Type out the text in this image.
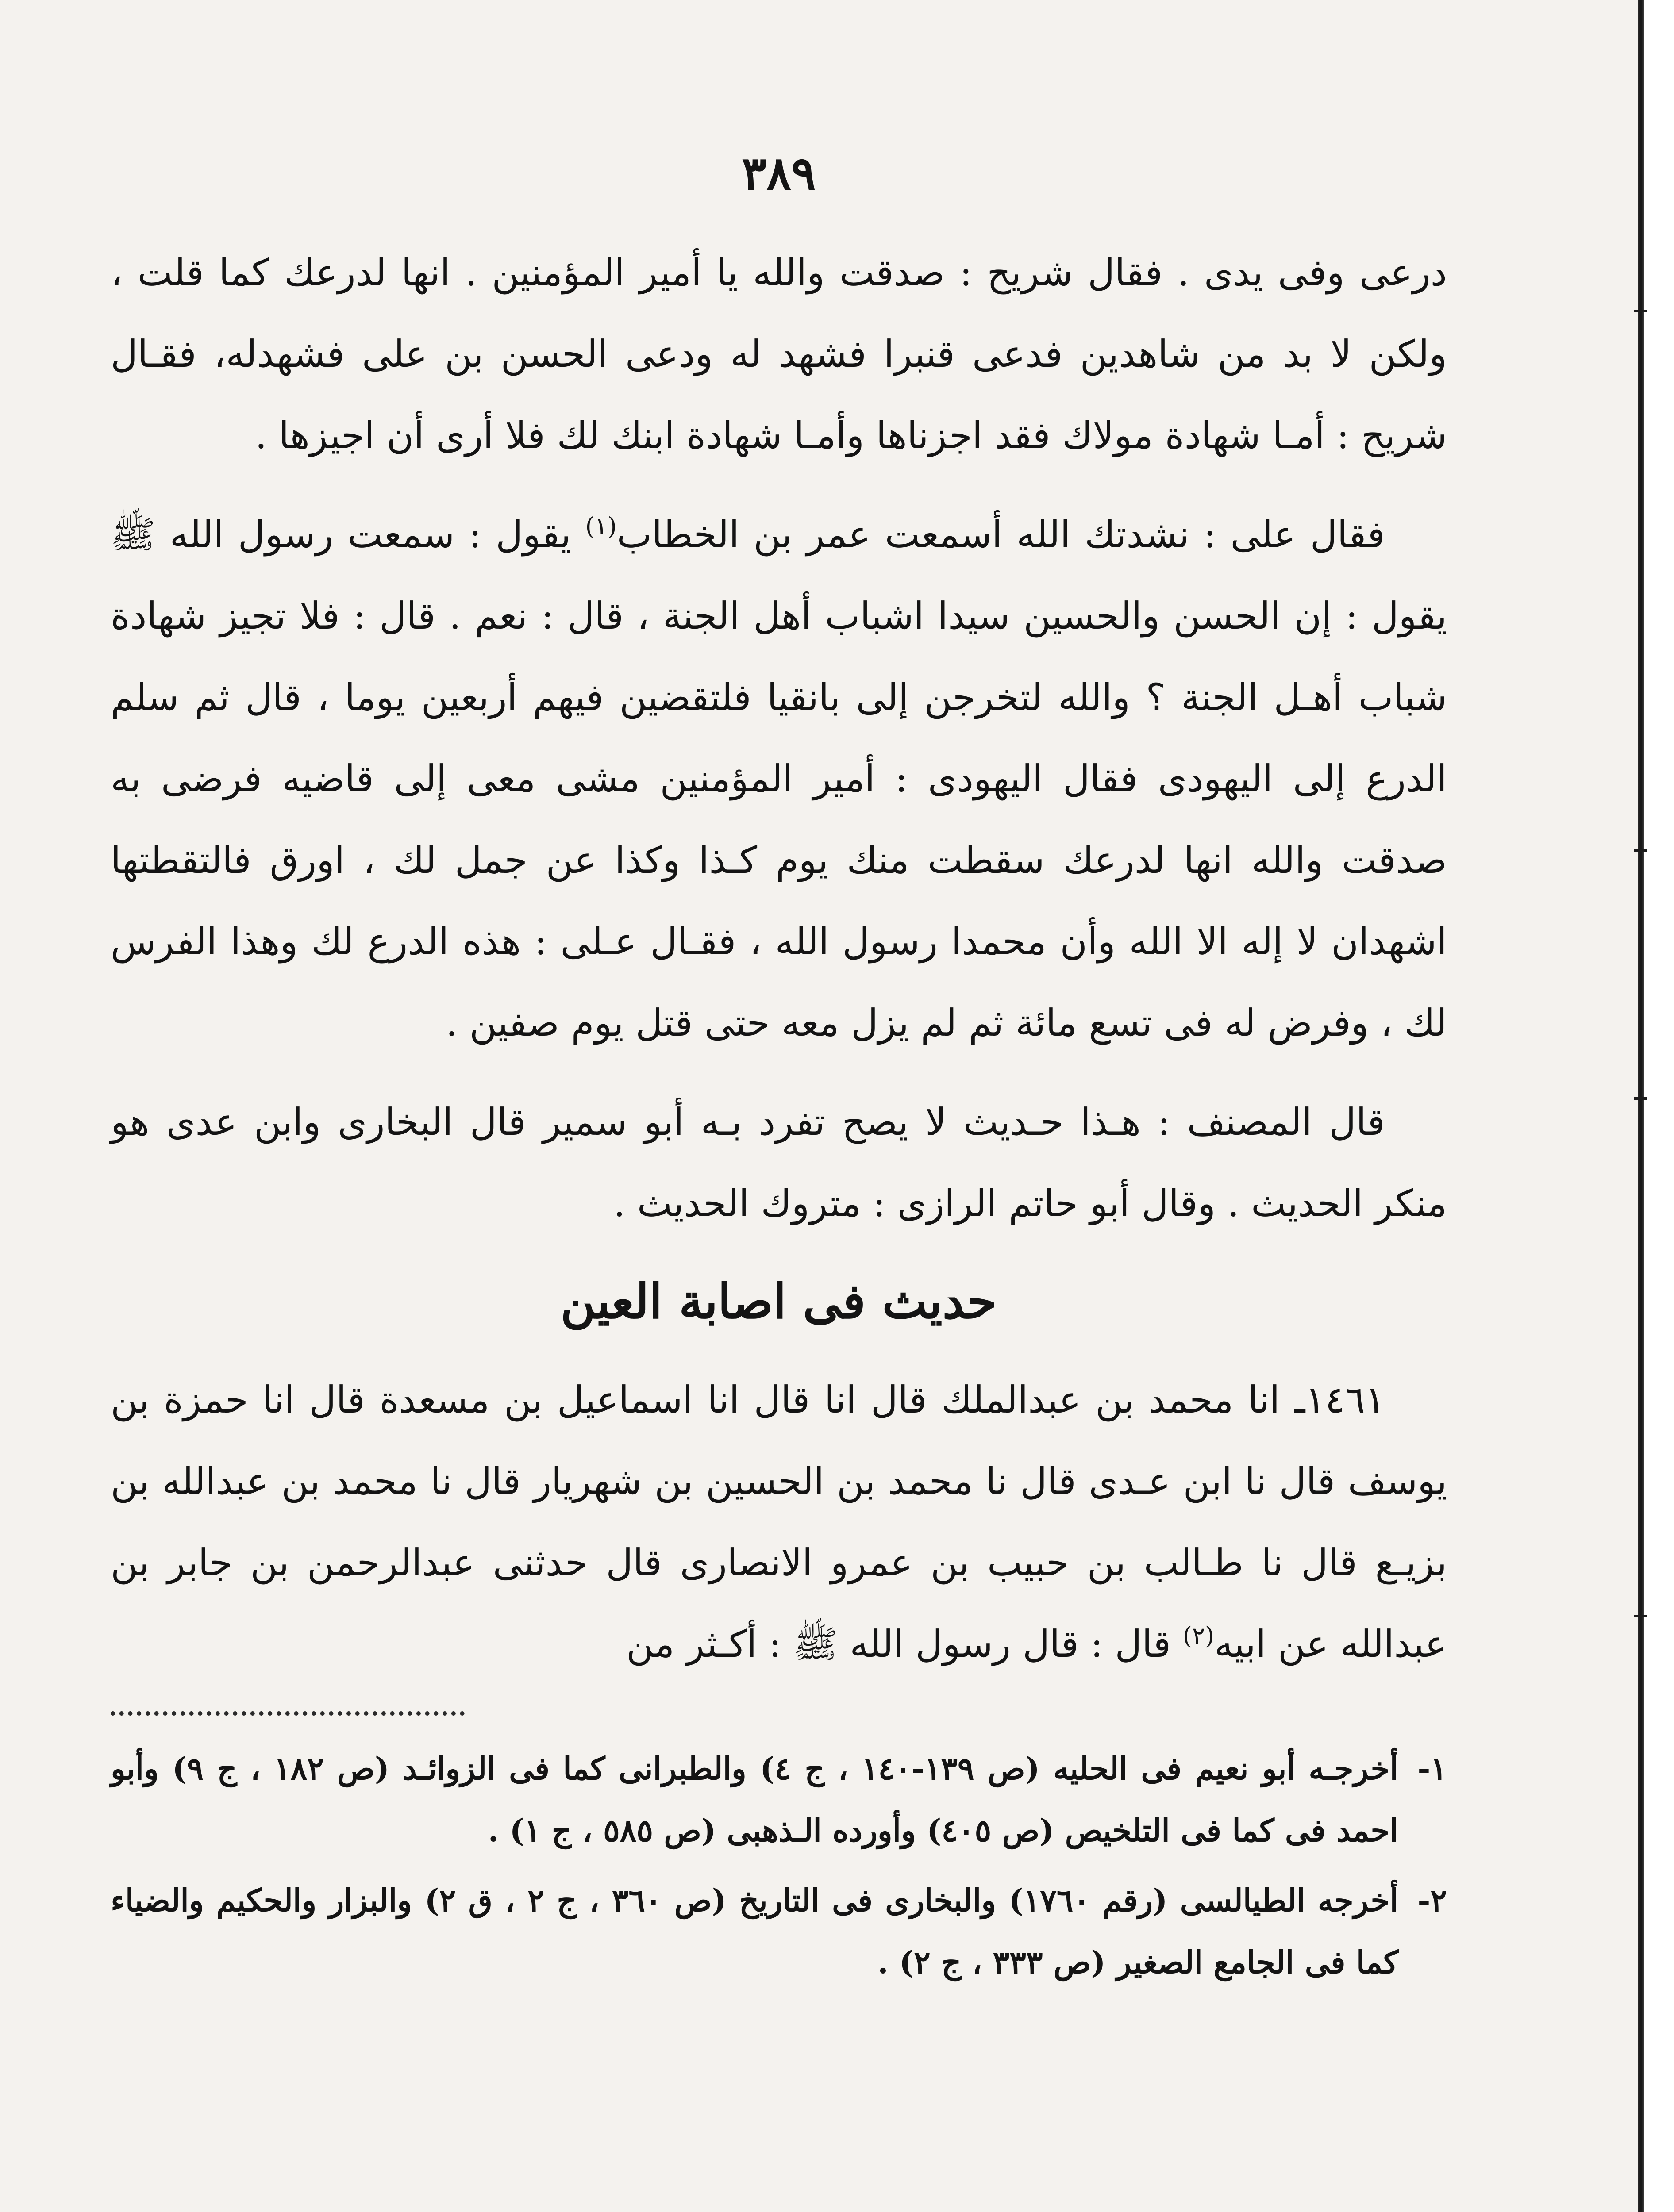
٣٨٩

درعى وفى يدى . فقال شريح : صدقت والله يا أمير المؤمنين . انها لدرعك كما قلت ، ولكن لا بد من شاهدين فدعى قنبرا فشهد له ودعى الحسن بن على فشهدله، فقـال شريح : أمـا شهادة مولاك فقد اجزناها وأمـا شهادة ابنك لك فلا أرى أن اجيزها .

فقال على : نشدتك الله أسمعت عمر بن الخطاب$^{(١)}$ يقول : سمعت رسول الله ﷺ يقول : إن الحسن والحسين سيدا اشباب أهل الجنة ، قال : نعم . قال : فلا تجيز شهادة شباب أهـل الجنة ؟ والله لتخرجن إلى بانقيا فلتقضين فيهم أربعين يوما ، قال ثم سلم الدرع إلى اليهودى فقال اليهودى : أمير المؤمنين مشى معى إلى قاضيه فرضى به صدقت والله انها لدرعك سقطت منك يوم كـذا وكذا عن جمل لك ، اورق فالتقطتها اشهدان لا إله الا الله وأن محمدا رسول الله ، فقـال عـلى : هذه الدرع لك وهذا الفرس لك ، وفرض له فى تسع مائة ثم لم يزل معه حتى قتل يوم صفين .

قال المصنف : هـذا حـديث لا يصح تفرد بـه أبو سمير قال البخارى وابن عدى هو منكر الحديث . وقال أبو حاتم الرازى : متروك الحديث .

حديث فى اصابة العين

١٤٦١ـ انا محمد بن عبدالملك قال انا قال انا اسماعيل بن مسعدة قال انا حمزة بن يوسف قال نا ابن عـدى قال نا محمد بن الحسين بن شهريار قال نا محمد بن عبدالله بن بزيـع قال نا طـالب بن حبيب بن عمرو الانصارى قال حدثنى عبدالرحمن بن جابر بن عبدالله عن ابيه$^{(٢)}$ قال : قال رسول الله ﷺ : أكـثر من

١-
أخرجـه أبو نعيم فى الحليه (ص ١٣٩-١٤٠ ، ج ٤) والطبرانى كما فى الزوائـد (ص ١٨٢ ، ج ٩) وأبو احمد فى كما فى التلخيص (ص ٤٠٥) وأورده الـذهبى (ص ٥٨٥ ، ج ١) .
٢-
أخرجه الطيالسى (رقم ١٧٦٠) والبخارى فى التاريخ (ص ٣٦٠ ، ج ٢ ، ق ٢) والبزار والحكيم والضياء كما فى الجامع الصغير (ص ٣٣٣ ، ج ٢) .
